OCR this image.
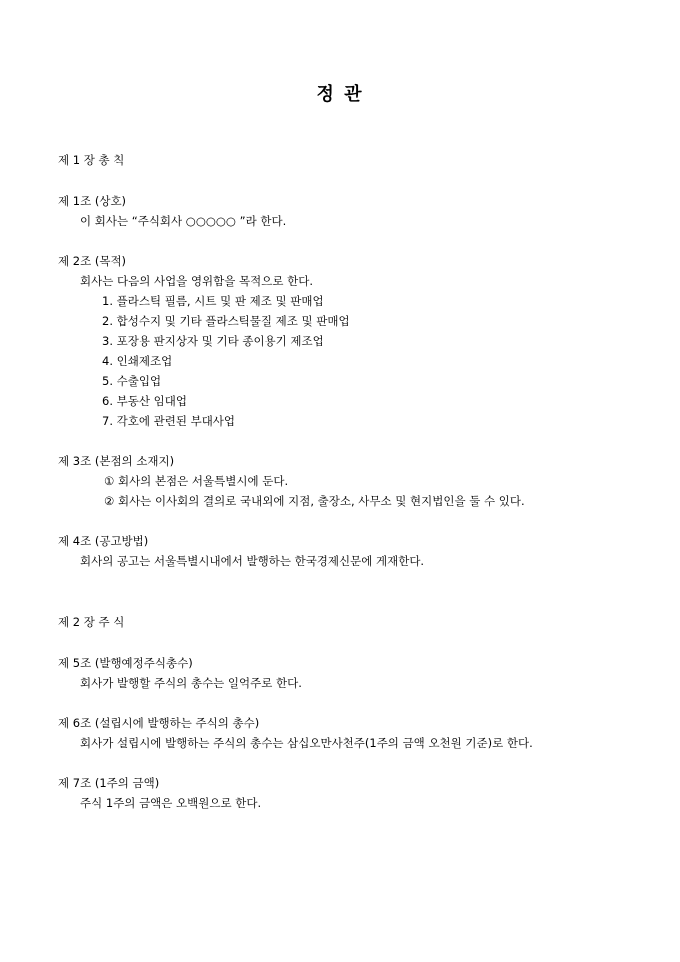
정 관
제 1 장 총 칙
제 1조 (상호)
이 회사는 “주식회사 ○○○○○ ”라 한다.
제 2조 (목적)
회사는 다음의 사업을 영위함을 목적으로 한다.
1. 플라스틱 필름, 시트 및 판 제조 및 판매업
2. 합성수지 및 기타 플라스틱물질 제조 및 판매업
3. 포장용 판지상자 및 기타 종이용기 제조업
4. 인쇄제조업
5. 수출입업
6. 부동산 임대업
7. 각호에 관련된 부대사업
제 3조 (본점의 소재지)
① 회사의 본점은 서울특별시에 둔다.
② 회사는 이사회의 결의로 국내외에 지점, 출장소, 사무소 및 현지법인을 둘 수 있다.
제 4조 (공고방법)
회사의 공고는 서울특별시내에서 발행하는 한국경제신문에 게재한다.
제 2 장 주 식
제 5조 (발행예정주식총수)
회사가 발행할 주식의 총수는 일억주로 한다.
제 6조 (설립시에 발행하는 주식의 총수)
회사가 설립시에 발행하는 주식의 총수는 삼십오만사천주(1주의 금액 오천원 기준)로 한다.
제 7조 (1주의 금액)
주식 1주의 금액은 오백원으로 한다.
